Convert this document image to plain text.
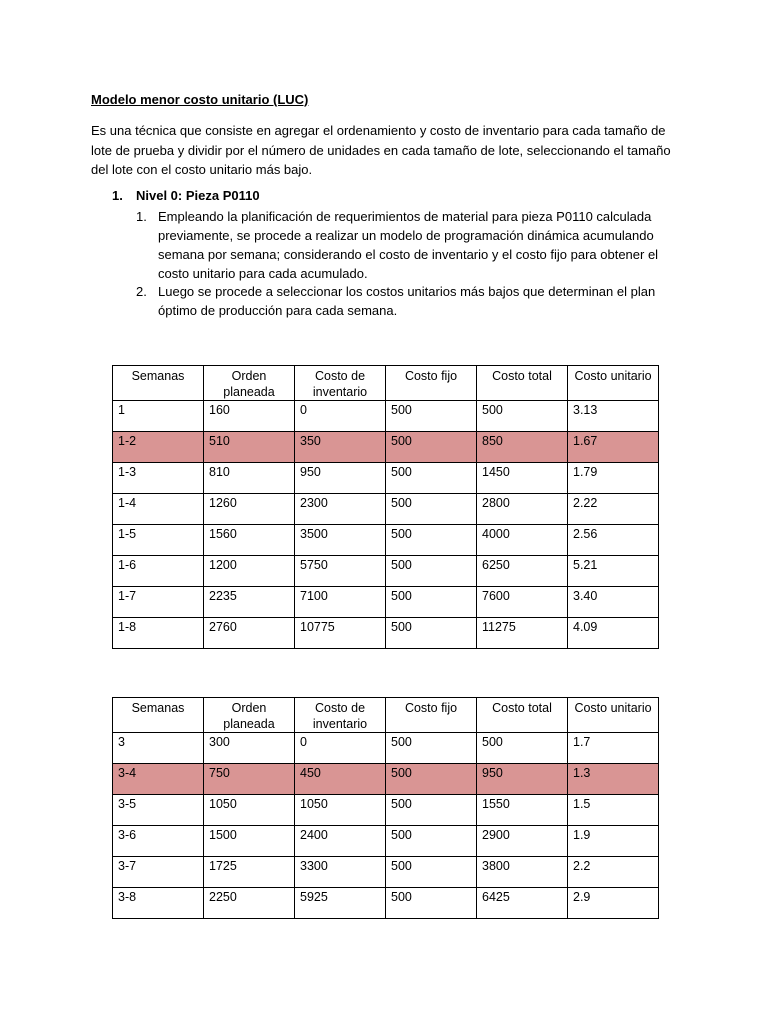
Modelo menor costo unitario (LUC)
Es una técnica que consiste en agregar el ordenamiento y costo de inventario para cada tamaño de lote de prueba y dividir por el número de unidades en cada tamaño de lote, seleccionando el tamaño del lote con el costo unitario más bajo.
1. Nivel 0: Pieza P0110
1. Empleando la planificación de requerimientos de material para pieza P0110 calculada previamente, se procede a realizar un modelo de programación dinámica acumulando semana por semana; considerando el costo de inventario y el costo fijo para obtener el costo unitario para cada acumulado.
2. Luego se procede a seleccionar los costos unitarios más bajos que determinan el plan óptimo de producción para cada semana.
Semanas	Orden planeada	Costo de inventario	Costo fijo	Costo total	Costo unitario
1	160	0	500	500	3.13
1-2	510	350	500	850	1.67
1-3	810	950	500	1450	1.79
1-4	1260	2300	500	2800	2.22
1-5	1560	3500	500	4000	2.56
1-6	1200	5750	500	6250	5.21
1-7	2235	7100	500	7600	3.40
1-8	2760	10775	500	11275	4.09
Semanas	Orden planeada	Costo de inventario	Costo fijo	Costo total	Costo unitario
3	300	0	500	500	1.7
3-4	750	450	500	950	1.3
3-5	1050	1050	500	1550	1.5
3-6	1500	2400	500	2900	1.9
3-7	1725	3300	500	3800	2.2
3-8	2250	5925	500	6425	2.9
